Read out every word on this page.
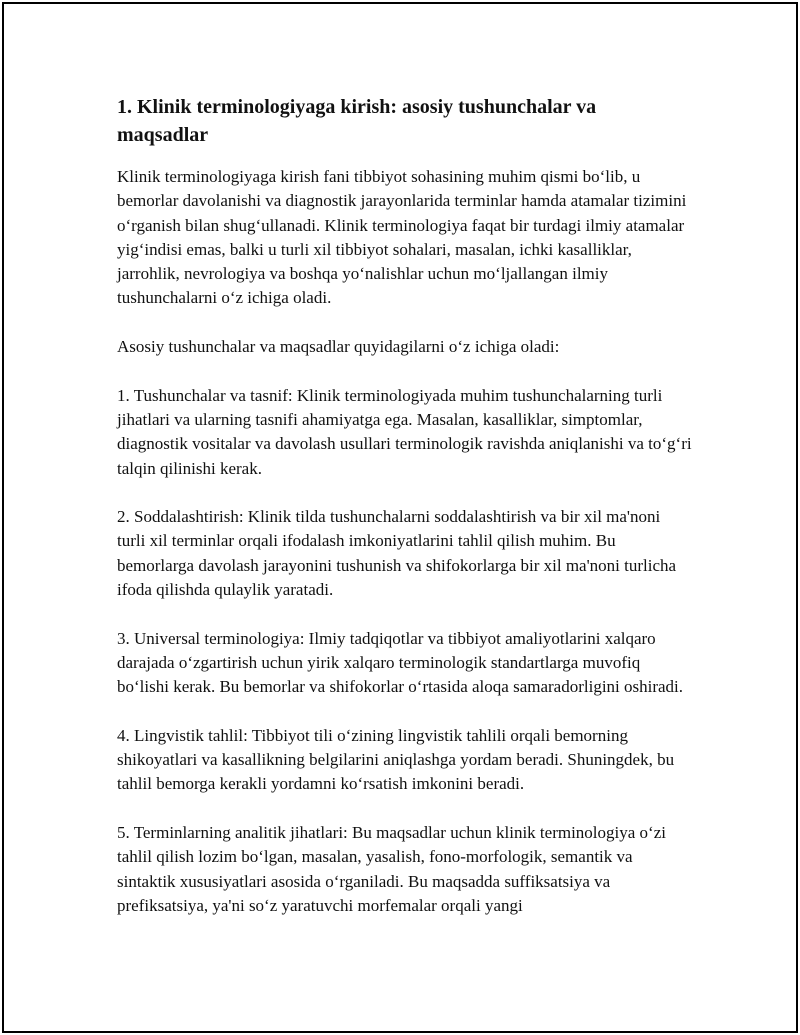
1. Klinik terminologiyaga kirish: asosiy tushunchalar va maqsadlar

Klinik terminologiyaga kirish fani tibbiyot sohasining muhim qismi bo‘lib, u bemorlar davolanishi va diagnostik jarayonlarida terminlar hamda atamalar tizimini o‘rganish bilan shug‘ullanadi. Klinik terminologiya faqat bir turdagi ilmiy atamalar yig‘indisi emas, balki u turli xil tibbiyot sohalari, masalan, ichki kasalliklar, jarrohlik, nevrologiya va boshqa yo‘nalishlar uchun mo‘ljallangan ilmiy tushunchalarni o‘z ichiga oladi.

Asosiy tushunchalar va maqsadlar quyidagilarni o‘z ichiga oladi:

1. Tushunchalar va tasnif: Klinik terminologiyada muhim tushunchalarning turli jihatlari va ularning tasnifi ahamiyatga ega. Masalan, kasalliklar, simptomlar, diagnostik vositalar va davolash usullari terminologik ravishda aniqlanishi va to‘g‘ri talqin qilinishi kerak.

2. Soddalashtirish: Klinik tilda tushunchalarni soddalashtirish va bir xil ma'noni turli xil terminlar orqali ifodalash imkoniyatlarini tahlil qilish muhim. Bu bemorlarga davolash jarayonini tushunish va shifokorlarga bir xil ma'noni turlicha ifoda qilishda qulaylik yaratadi.

3. Universal terminologiya: Ilmiy tadqiqotlar va tibbiyot amaliyotlarini xalqaro darajada o‘zgartirish uchun yirik xalqaro terminologik standartlarga muvofiq bo‘lishi kerak. Bu bemorlar va shifokorlar o‘rtasida aloqa samaradorligini oshiradi.

4. Lingvistik tahlil: Tibbiyot tili o‘zining lingvistik tahlili orqali bemorning shikoyatlari va kasallikning belgilarini aniqlashga yordam beradi. Shuningdek, bu tahlil bemorga kerakli yordamni ko‘rsatish imkonini beradi.

5. Terminlarning analitik jihatlari: Bu maqsadlar uchun klinik terminologiya o‘zi tahlil qilish lozim bo‘lgan, masalan, yasalish, fono-morfologik, semantik va sintaktik xususiyatlari asosida o‘rganiladi. Bu maqsadda suffiksatsiya va prefiksatsiya, ya'ni so‘z yaratuvchi morfemalar orqali yangi
